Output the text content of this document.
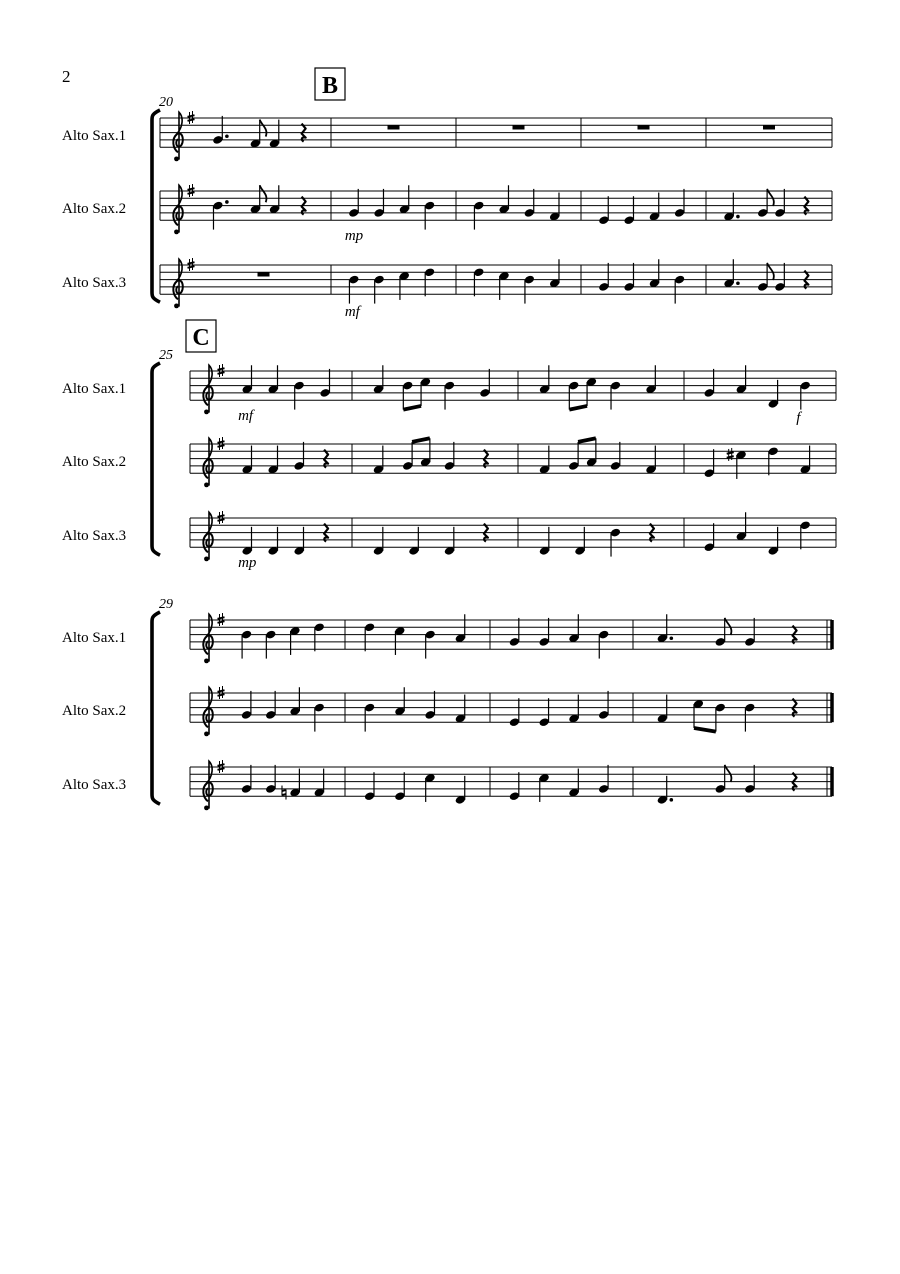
2
20
B
Alto Sax.1
Alto Sax.2
mp
Alto Sax.3
mf
25
C
Alto Sax.1
mf	f
Alto Sax.2
Alto Sax.3
mp
29
Alto Sax.1
Alto Sax.2
Alto Sax.3
